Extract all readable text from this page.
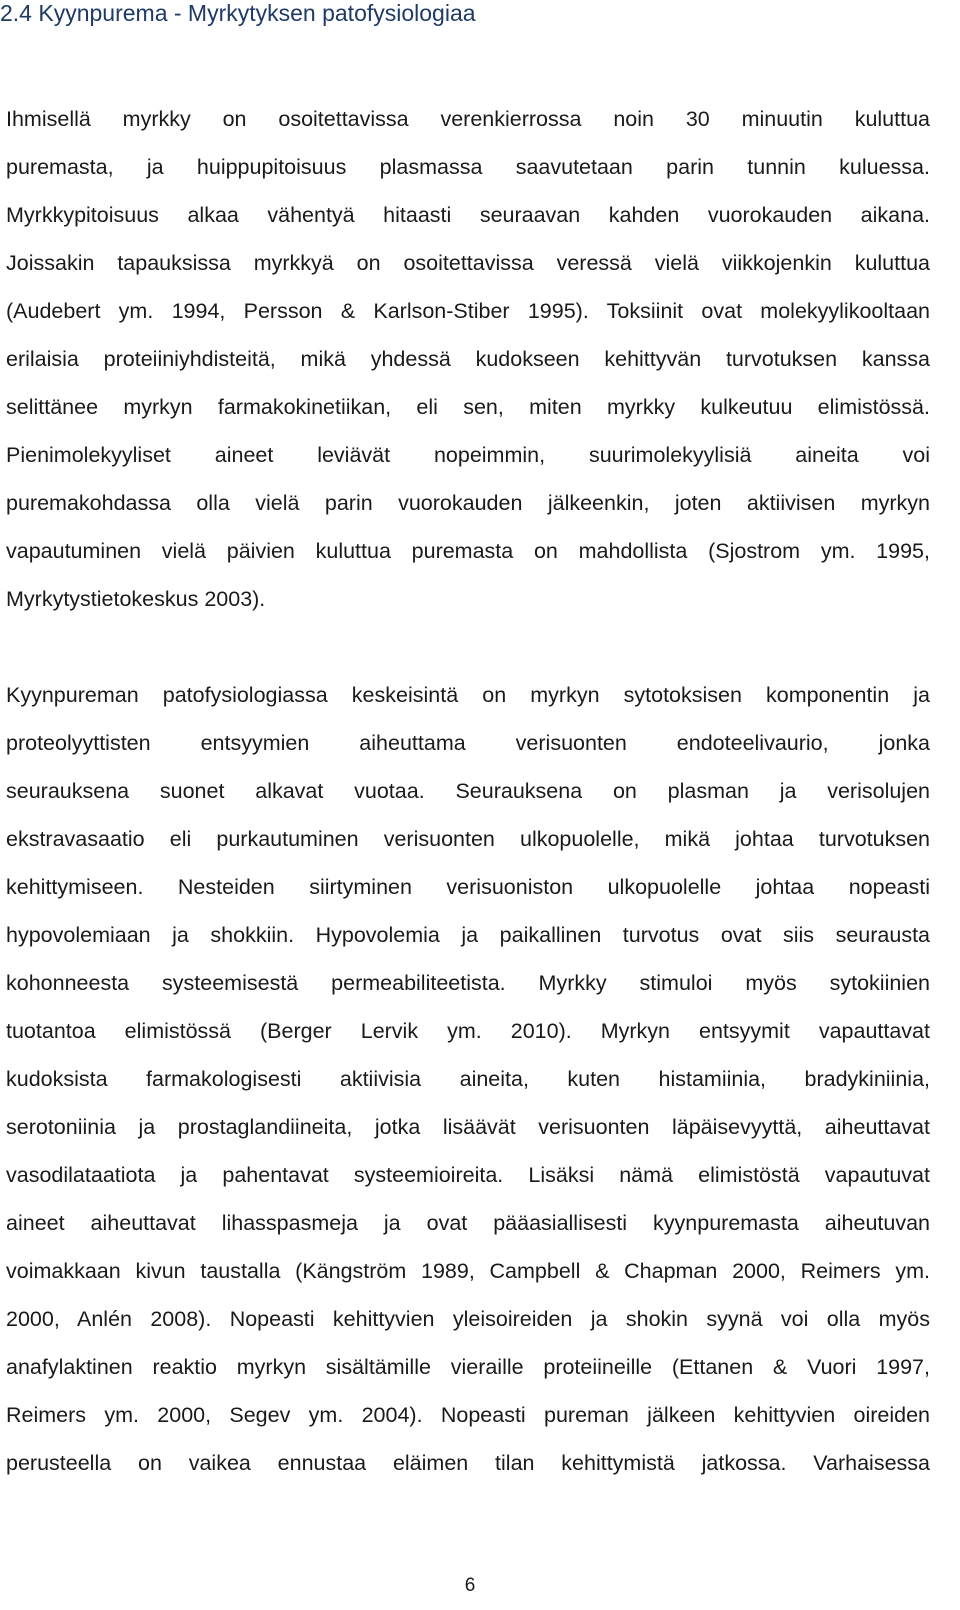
2.4 Kyynpurema - Myrkytyksen patofysiologiaa
Ihmisellä myrkky on osoitettavissa verenkierrossa noin 30 minuutin kuluttua
puremasta, ja huippupitoisuus plasmassa saavutetaan parin tunnin kuluessa.
Myrkkypitoisuus alkaa vähentyä hitaasti seuraavan kahden vuorokauden aikana.
Joissakin tapauksissa myrkkyä on osoitettavissa veressä vielä viikkojenkin kuluttua
(Audebert ym. 1994, Persson & Karlson-Stiber 1995). Toksiinit ovat molekyylikooltaan
erilaisia proteiiniyhdisteitä, mikä yhdessä kudokseen kehittyvän turvotuksen kanssa
selittänee myrkyn farmakokinetiikan, eli sen, miten myrkky kulkeutuu elimistössä.
Pienimolekyyliset aineet leviävät nopeimmin, suurimolekyylisiä aineita voi
puremakohdassa olla vielä parin vuorokauden jälkeenkin, joten aktiivisen myrkyn
vapautuminen vielä päivien kuluttua puremasta on mahdollista (Sjostrom ym. 1995,
Myrkytystietokeskus 2003).
Kyynpureman patofysiologiassa keskeisintä on myrkyn sytotoksisen komponentin ja
proteolyyttisten entsyymien aiheuttama verisuonten endoteelivaurio, jonka
seurauksena suonet alkavat vuotaa. Seurauksena on plasman ja verisolujen
ekstravasaatio eli purkautuminen verisuonten ulkopuolelle, mikä johtaa turvotuksen
kehittymiseen. Nesteiden siirtyminen verisuoniston ulkopuolelle johtaa nopeasti
hypovolemiaan ja shokkiin. Hypovolemia ja paikallinen turvotus ovat siis seurausta
kohonneesta systeemisestä permeabiliteetista. Myrkky stimuloi myös sytokiinien
tuotantoa elimistössä (Berger Lervik ym. 2010). Myrkyn entsyymit vapauttavat
kudoksista farmakologisesti aktiivisia aineita, kuten histamiinia, bradykiniinia,
serotoniinia ja prostaglandiineita, jotka lisäävät verisuonten läpäisevyyttä, aiheuttavat
vasodilataatiota ja pahentavat systeemioireita. Lisäksi nämä elimistöstä vapautuvat
aineet aiheuttavat lihasspasmeja ja ovat pääasiallisesti kyynpuremasta aiheutuvan
voimakkaan kivun taustalla (Kängström 1989, Campbell & Chapman 2000, Reimers ym.
2000, Anlén 2008). Nopeasti kehittyvien yleisoireiden ja shokin syynä voi olla myös
anafylaktinen reaktio myrkyn sisältämille vieraille proteiineille (Ettanen & Vuori 1997,
Reimers ym. 2000, Segev ym. 2004). Nopeasti pureman jälkeen kehittyvien oireiden
perusteella on vaikea ennustaa eläimen tilan kehittymistä jatkossa. Varhaisessa
6
